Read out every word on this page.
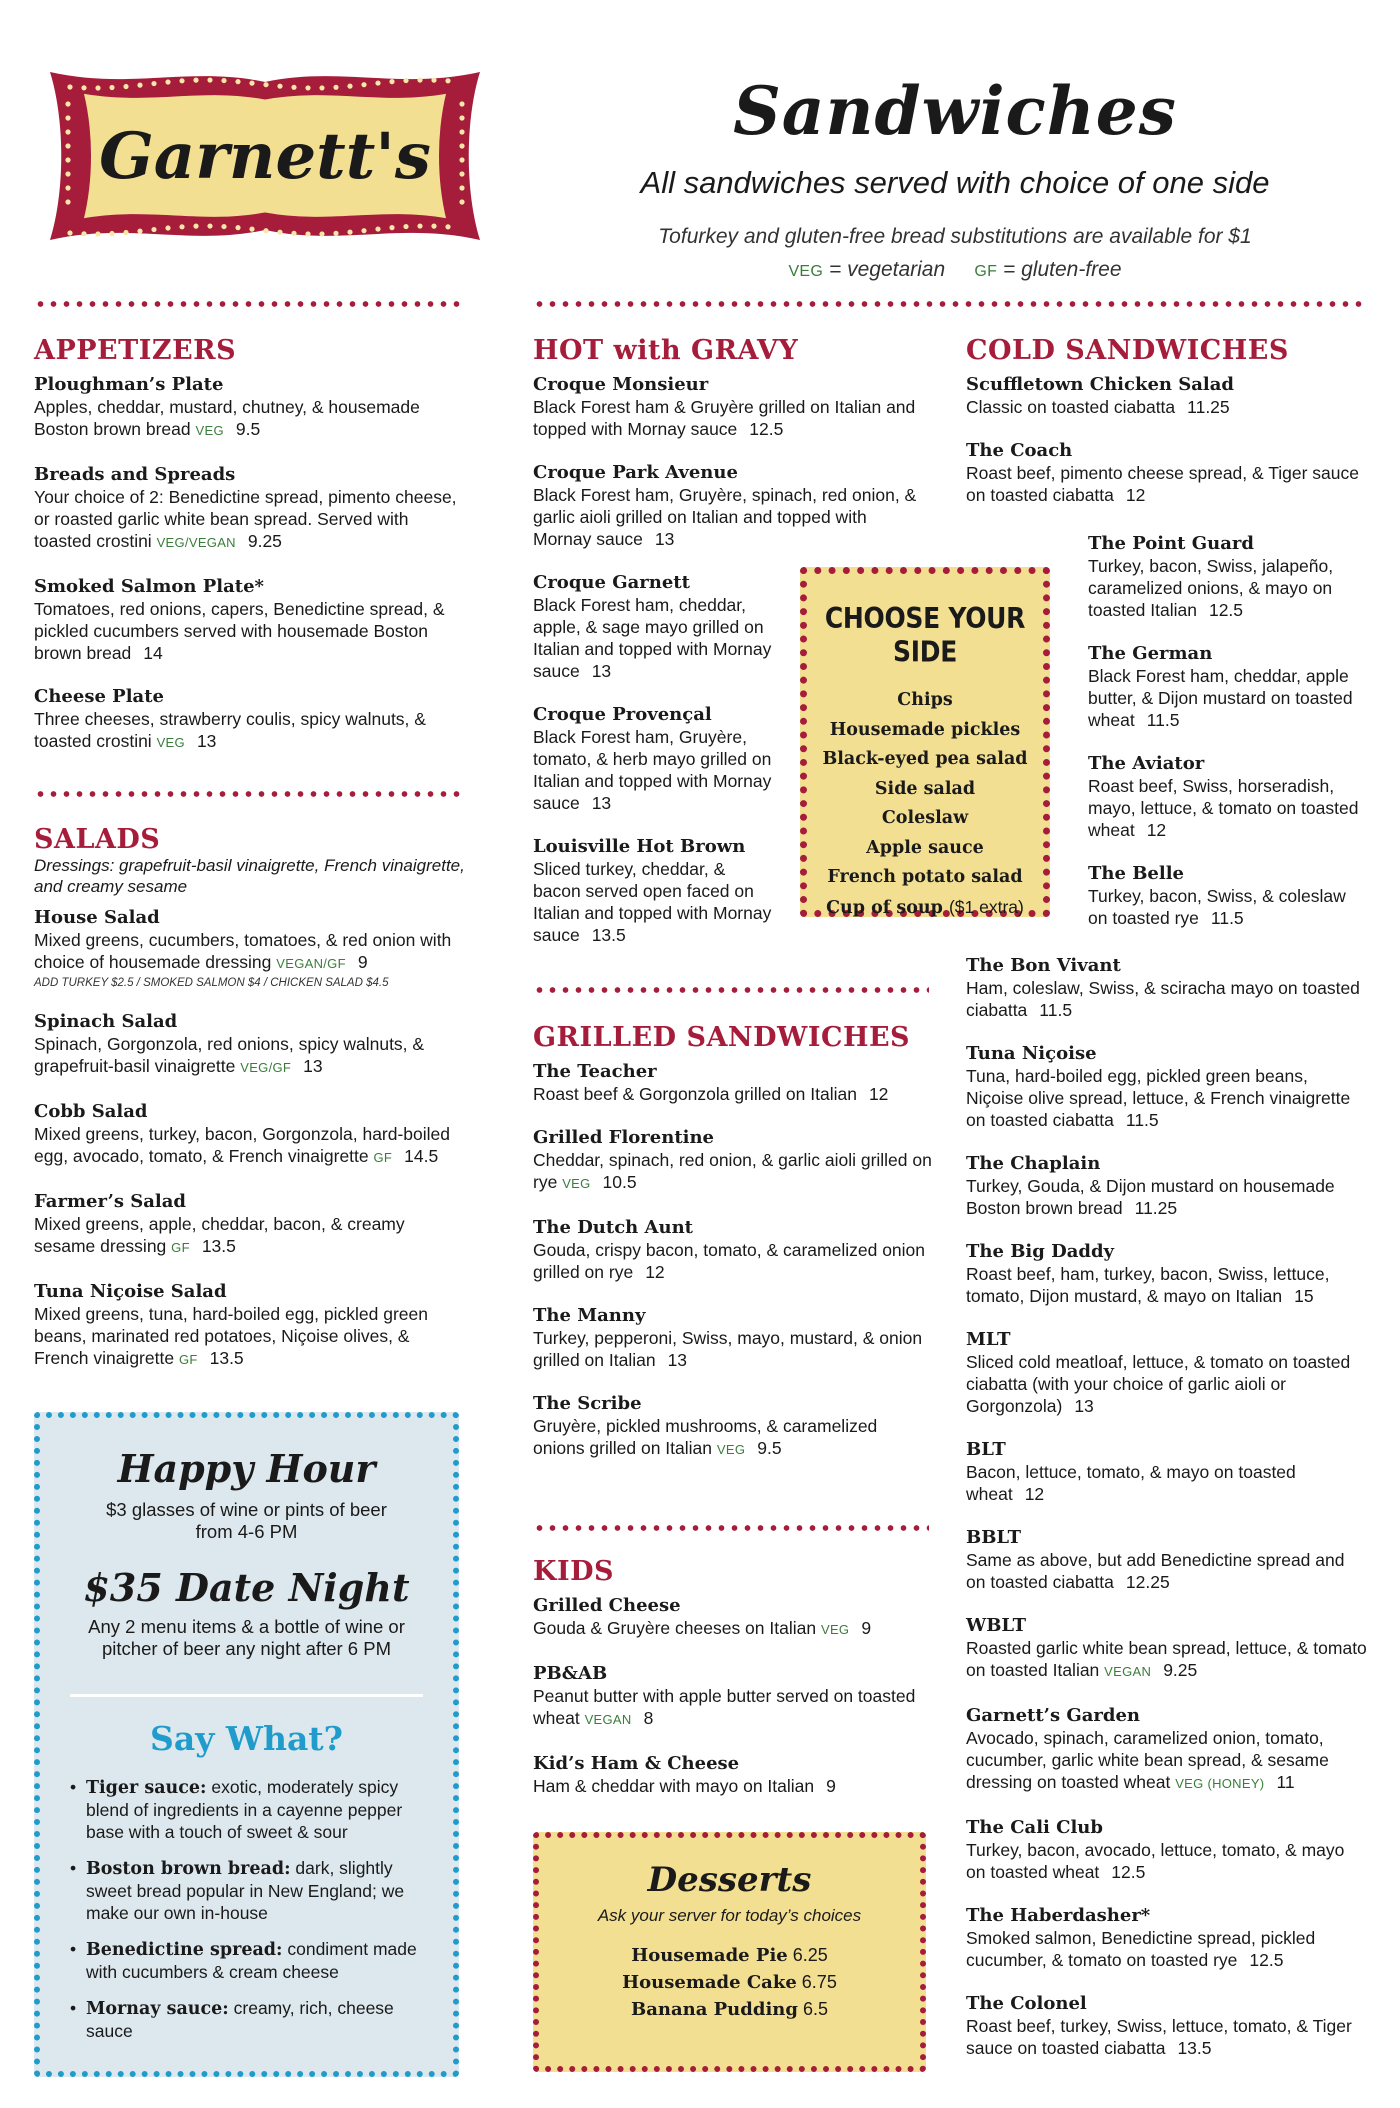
Garnett's
Sandwiches
All sandwiches served with choice of one side
Tofurkey and gluten-free bread substitutions are available for $1
VEG = vegetarian GF = gluten-free
APPETIZERS
Ploughman’s Plate
Apples, cheddar, mustard, chutney, & housemade Boston brown bread VEG 9.5
Breads and Spreads
Your choice of 2: Benedictine spread, pimento cheese, or roasted garlic white bean spread. Served with toasted crostini VEG/VEGAN 9.25
Smoked Salmon Plate*
Tomatoes, red onions, capers, Benedictine spread, & pickled cucumbers served with housemade Boston brown bread 14
Cheese Plate
Three cheeses, strawberry coulis, spicy walnuts, & toasted crostini VEG 13
SALADS
Dressings: grapefruit-basil vinaigrette, French vinaigrette, and creamy sesame
House Salad
Mixed greens, cucumbers, tomatoes, & red onion with choice of housemade dressing VEGAN/GF 9
ADD TURKEY $2.5 / SMOKED SALMON $4 / CHICKEN SALAD $4.5
Spinach Salad
Spinach, Gorgonzola, red onions, spicy walnuts, & grapefruit-basil vinaigrette VEG/GF 13
Cobb Salad
Mixed greens, turkey, bacon, Gorgonzola, hard-boiled egg, avocado, tomato, & French vinaigrette GF 14.5
Farmer’s Salad
Mixed greens, apple, cheddar, bacon, & creamy sesame dressing GF 13.5
Tuna Niçoise Salad
Mixed greens, tuna, hard-boiled egg, pickled green beans, marinated red potatoes, Niçoise olives, & French vinaigrette GF 13.5
Happy Hour
$3 glasses of wine or pints of beer from 4-6 PM
$35 Date Night
Any 2 menu items & a bottle of wine or pitcher of beer any night after 6 PM
Say What?
• Tiger sauce: exotic, moderately spicy blend of ingredients in a cayenne pepper base with a touch of sweet & sour
• Boston brown bread: dark, slightly sweet bread popular in New England; we make our own in-house
• Benedictine spread: condiment made with cucumbers & cream cheese
• Mornay sauce: creamy, rich, cheese sauce
HOT with GRAVY
Croque Monsieur
Black Forest ham & Gruyère grilled on Italian and topped with Mornay sauce 12.5
Croque Park Avenue
Black Forest ham, Gruyère, spinach, red onion, & garlic aioli grilled on Italian and topped with Mornay sauce 13
Croque Garnett
Black Forest ham, cheddar, apple, & sage mayo grilled on Italian and topped with Mornay sauce 13
Croque Provençal
Black Forest ham, Gruyère, tomato, & herb mayo grilled on Italian and topped with Mornay sauce 13
Louisville Hot Brown
Sliced turkey, cheddar, & bacon served open faced on Italian and topped with Mornay sauce 13.5
CHOOSE YOUR SIDE
Chips
Housemade pickles
Black-eyed pea salad
Side salad
Coleslaw
Apple sauce
French potato salad
Cup of soup ($1 extra)
GRILLED SANDWICHES
The Teacher
Roast beef & Gorgonzola grilled on Italian 12
Grilled Florentine
Cheddar, spinach, red onion, & garlic aioli grilled on rye VEG 10.5
The Dutch Aunt
Gouda, crispy bacon, tomato, & caramelized onion grilled on rye 12
The Manny
Turkey, pepperoni, Swiss, mayo, mustard, & onion grilled on Italian 13
The Scribe
Gruyère, pickled mushrooms, & caramelized onions grilled on Italian VEG 9.5
KIDS
Grilled Cheese
Gouda & Gruyère cheeses on Italian VEG 9
PB&AB
Peanut butter with apple butter served on toasted wheat VEGAN 8
Kid’s Ham & Cheese
Ham & cheddar with mayo on Italian 9
Desserts
Ask your server for today’s choices
Housemade Pie 6.25
Housemade Cake 6.75
Banana Pudding 6.5
COLD SANDWICHES
Scuffletown Chicken Salad
Classic on toasted ciabatta 11.25
The Coach
Roast beef, pimento cheese spread, & Tiger sauce on toasted ciabatta 12
The Point Guard
Turkey, bacon, Swiss, jalapeño, caramelized onions, & mayo on toasted Italian 12.5
The German
Black Forest ham, cheddar, apple butter, & Dijon mustard on toasted wheat 11.5
The Aviator
Roast beef, Swiss, horseradish, mayo, lettuce, & tomato on toasted wheat 12
The Belle
Turkey, bacon, Swiss, & coleslaw on toasted rye 11.5
The Bon Vivant
Ham, coleslaw, Swiss, & sciracha mayo on toasted ciabatta 11.5
Tuna Niçoise
Tuna, hard-boiled egg, pickled green beans, Niçoise olive spread, lettuce, & French vinaigrette on toasted ciabatta 11.5
The Chaplain
Turkey, Gouda, & Dijon mustard on housemade Boston brown bread 11.25
The Big Daddy
Roast beef, ham, turkey, bacon, Swiss, lettuce, tomato, Dijon mustard, & mayo on Italian 15
MLT
Sliced cold meatloaf, lettuce, & tomato on toasted ciabatta (with your choice of garlic aioli or Gorgonzola) 13
BLT
Bacon, lettuce, tomato, & mayo on toasted wheat 12
BBLT
Same as above, but add Benedictine spread and on toasted ciabatta 12.25
WBLT
Roasted garlic white bean spread, lettuce, & tomato on toasted Italian VEGAN 9.25
Garnett’s Garden
Avocado, spinach, caramelized onion, tomato, cucumber, garlic white bean spread, & sesame dressing on toasted wheat VEG (HONEY) 11
The Cali Club
Turkey, bacon, avocado, lettuce, tomato, & mayo on toasted wheat 12.5
The Haberdasher*
Smoked salmon, Benedictine spread, pickled cucumber, & tomato on toasted rye 12.5
The Colonel
Roast beef, turkey, Swiss, lettuce, tomato, & Tiger sauce on toasted ciabatta 13.5
